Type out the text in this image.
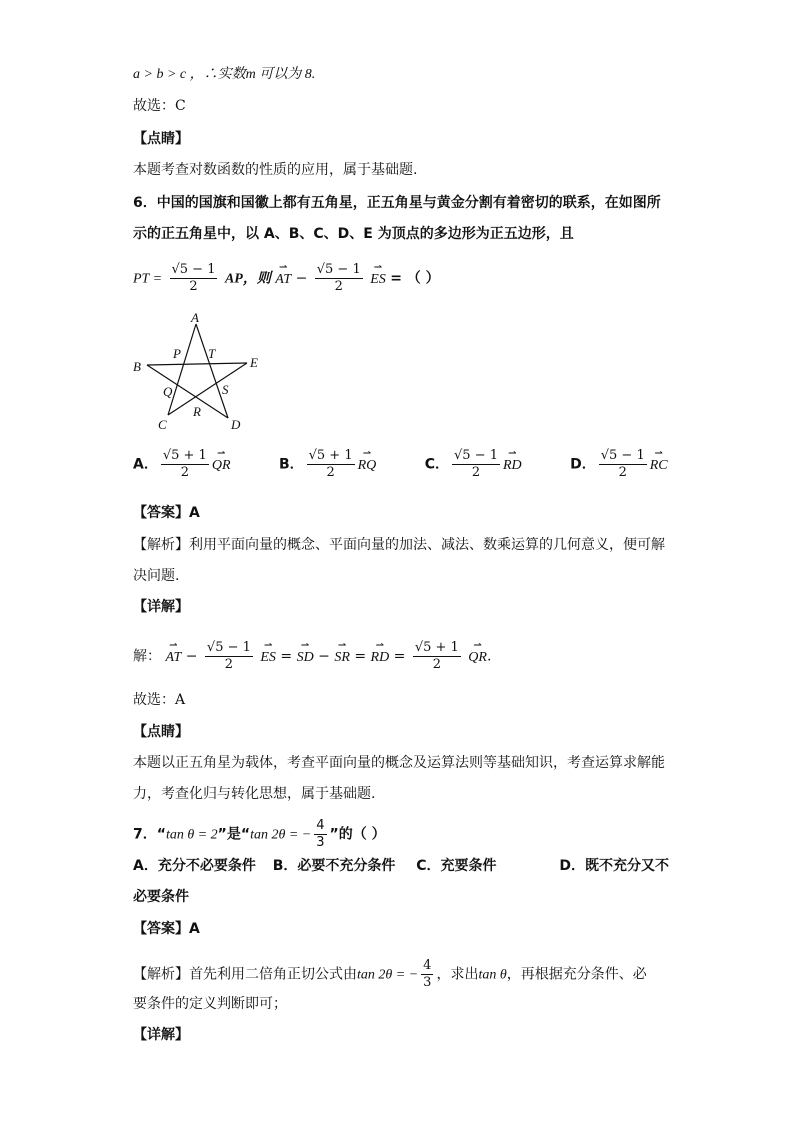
a > b > c ，∴实数m 可以为 8.
故选：C
【点睛】
本题考查对数函数的性质的应用，属于基础题.
6．中国的国旗和国徽上都有五角星，正五角星与黄金分割有着密切的联系，在如图所
示的正五角星中，以 A、B、C、D、E 为顶点的多边形为正五边形，且
PT = $\frac{√5 - 1}{2}$ AP，则 ⇀ AT − $\frac{√5 - 1}{2}$ ⇀ ES = （ ）
A
B
C	D
E
P T
Q
R
S
A． $\frac{√5 + 1}{2}$ ⇀ QR	B． $\frac{√5 + 1}{2}$ ⇀ RQ	C． $\frac{√5 - 1}{2}$ ⇀ RD	D． $\frac{√5 - 1}{2}$ ⇀ RC
【答案】A
【解析】利用平面向量的概念、平面向量的加法、减法、数乘运算的几何意义，便可解
决问题.
【详解】
解： ⇀ AT − $\frac{√5 - 1}{2}$ ⇀ ES = ⇀ SD − ⇀ SR = ⇀ RD = $\frac{√5 + 1}{2}$ ⇀ QR.
故选：A
【点睛】
本题以正五角星为载体，考查平面向量的概念及运算法则等基础知识，考查运算求解能
力，考查化归与转化思想，属于基础题.
7．“tan θ = 2”是“tan 2θ = − $\frac{4}{3}$ ”的（ ）
A．充分不必要条件 B．必要不充分条件 C．充要条件	D．既不充分又不
必要条件
【答案】A
【解析】首先利用二倍角正切公式由tan 2θ = − $\frac{4}{3}$ ，求出tan θ，再根据充分条件、必
要条件的定义判断即可；
【详解】
